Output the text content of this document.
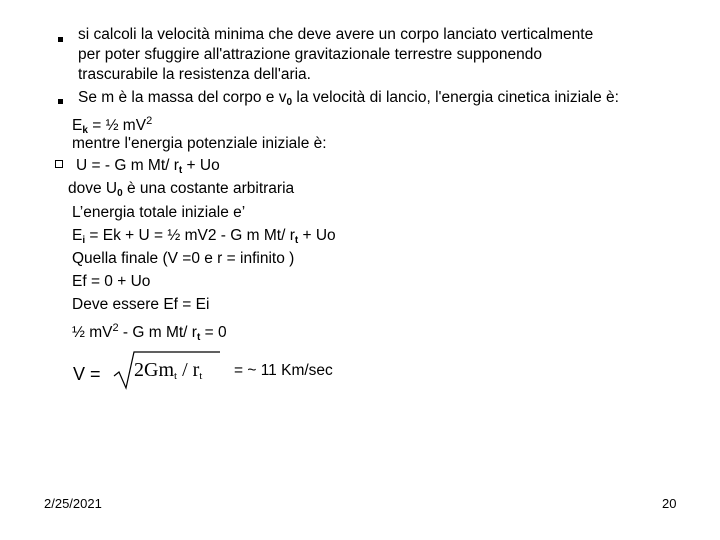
si calcoli la velocità minima che deve avere un corpo lanciato verticalmente
per poter sfuggire all'attrazione gravitazionale terrestre supponendo
trascurabile la resistenza dell'aria.
Se m è la massa del corpo e $v_0$ la velocità di lancio, l'energia cinetica iniziale è:
$E_k$ = ½ $mV^2$
mentre l'energia potenziale iniziale è:
U = - G m Mt/ $r_t + Uo$
dove $U_0$ è una costante arbitraria
L’energia totale iniziale e’
$E_i = Ek + U$ = ½ mV2 - G m Mt/ $r_t + Uo$
Quella finale (V =0 e r = infinito )
Ef = 0 + Uo
Deve essere Ef = Ei
½ $mV^2$ - G m Mt/ $r_t = 0$
$V = 2Gm_t / r_t$ = ~ 11 Km/sec
2/25/2021	20
